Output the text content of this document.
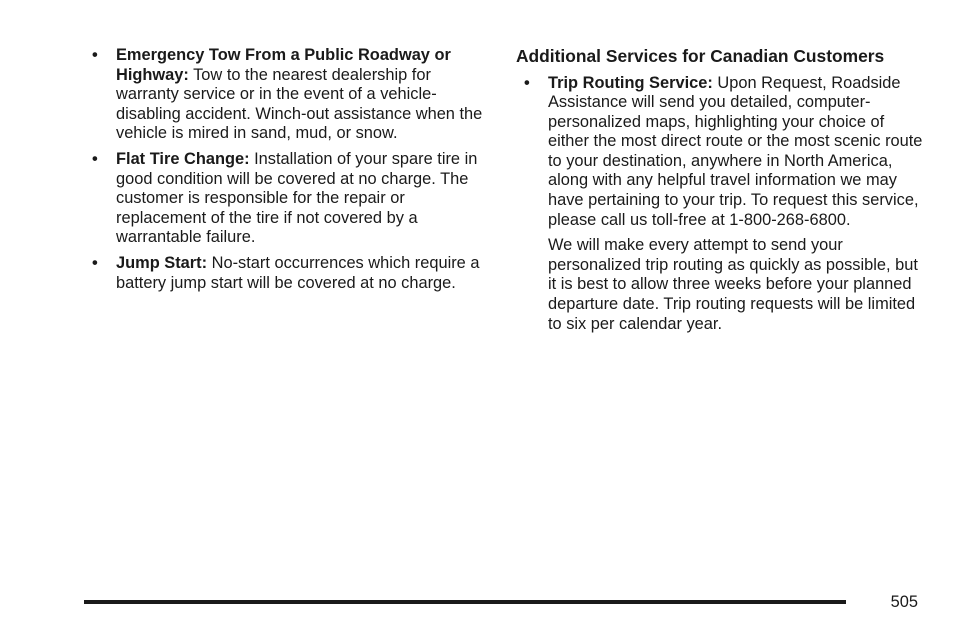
•	Emergency Tow From a Public Roadway or Highway: Tow to the nearest dealership for warranty service or in the event of a vehicle-disabling accident. Winch-out assistance when the vehicle is mired in sand, mud, or snow.
•	Flat Tire Change: Installation of your spare tire in good condition will be covered at no charge. The customer is responsible for the repair or replacement of the tire if not covered by a warrantable failure.
•	Jump Start: No-start occurrences which require a battery jump start will be covered at no charge.
Additional Services for Canadian Customers
•	Trip Routing Service: Upon Request, Roadside Assistance will send you detailed, computer-personalized maps, highlighting your choice of either the most direct route or the most scenic route to your destination, anywhere in North America, along with any helpful travel information we may have pertaining to your trip. To request this service, please call us toll-free at 1-800-268-6800.
We will make every attempt to send your personalized trip routing as quickly as possible, but it is best to allow three weeks before your planned departure date. Trip routing requests will be limited to six per calendar year.
505
